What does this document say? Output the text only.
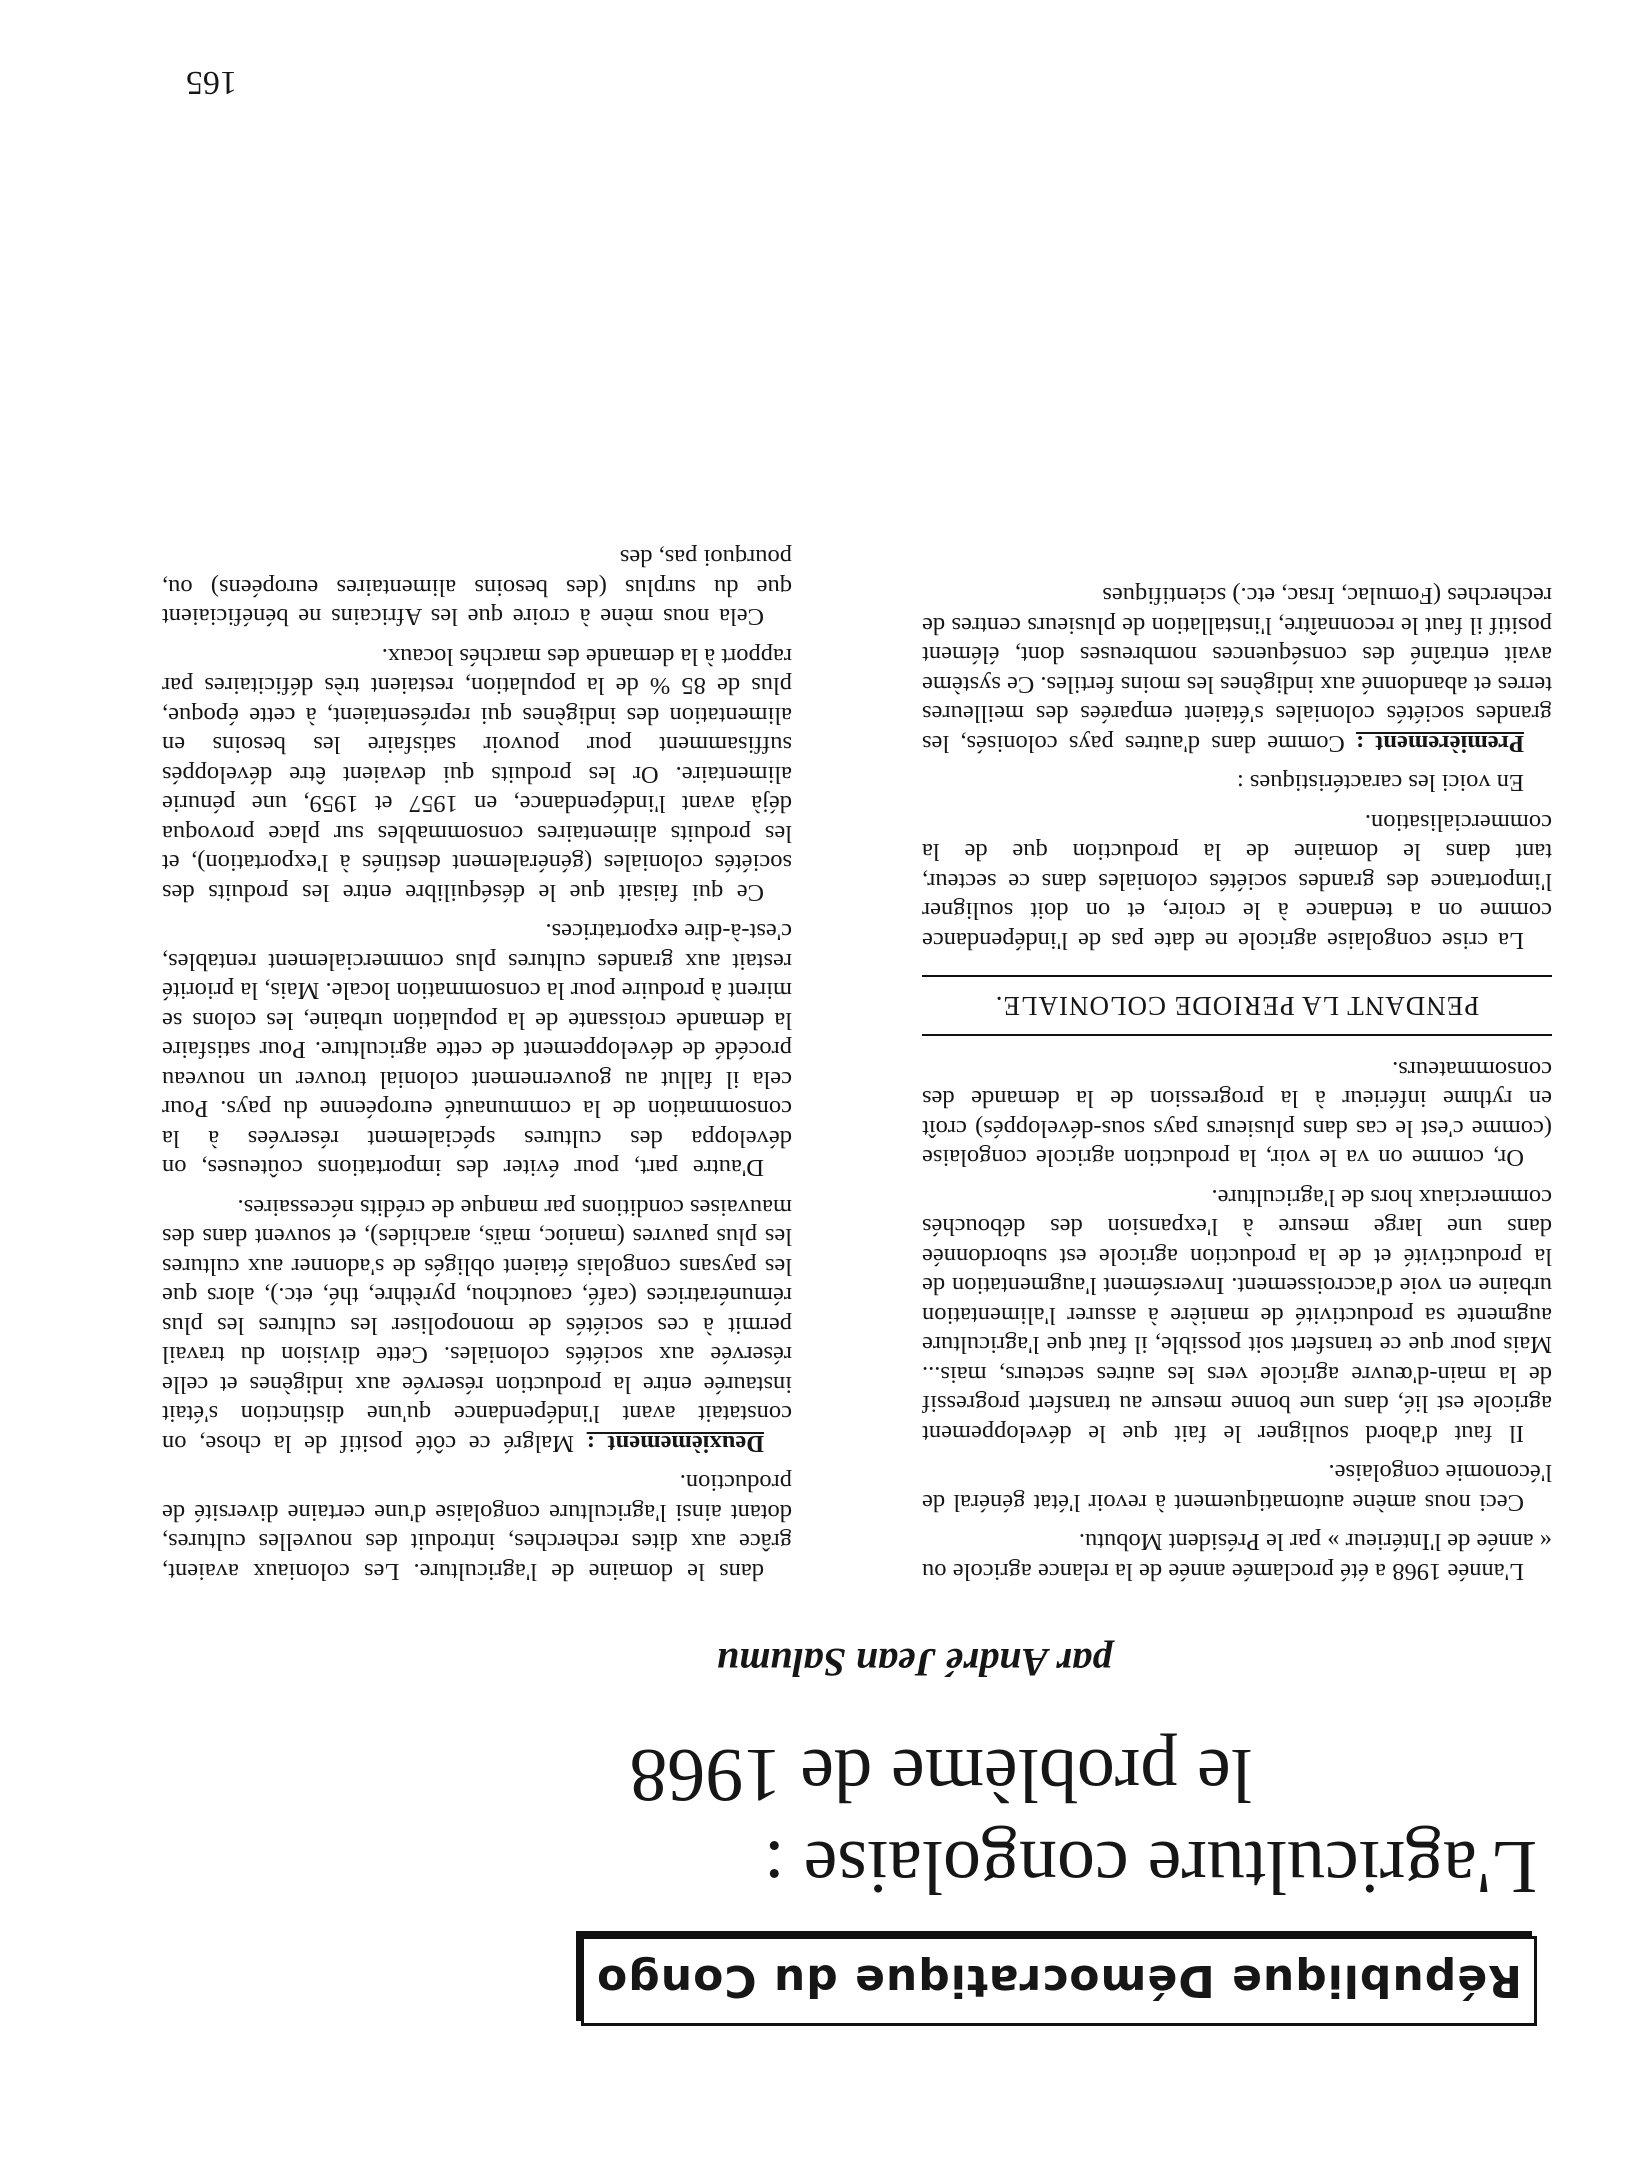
République Démocratique du Congo
L'agriculture congolaise :
le problème de 1968
par André Jean Salumu

L'année 1968 a été proclamée année de la relance agricole ou « année de l'Intérieur » par le Président Mobutu.

Ceci nous amène automatiquement à revoir l'état général de l'économie congolaise.

Il faut d'abord souligner le fait que le développement agricole est lié, dans une bonne mesure au transfert progressif de la main-d'œuvre agricole vers les autres secteurs, mais... Mais pour que ce transfert soit possible, il faut que l'agriculture augmente sa productivité de manière à assurer l'alimentation urbaine en voie d'accroissement. Inversément l'augmentation de la productivité et de la production agricole est subordonnée dans une large mesure à l'expansion des débouchés commerciaux hors de l'agriculture.

Or, comme on va le voir, la production agricole congolaise (comme c'est le cas dans plusieurs pays sous-développés) croît en rythme inférieur à la progression de la demande des consommateurs.

PENDANT LA PERIODE COLONIALE.

La crise congolaise agricole ne date pas de l'indépendance comme on a tendance à le croire, et on doit souligner l'importance des grandes sociétés coloniales dans ce secteur, tant dans le domaine de la production que de la commercialisation.

En voici les caractéristiques :

Premièrement : Comme dans d'autres pays colonisés, les grandes sociétés coloniales s'étaient emparées des meilleures terres et abandonné aux indigènes les moins fertiles. Ce système avait entraîné des conséquences nombreuses dont, élément positif il faut le reconnaître, l'installation de plusieurs centres de recherches (Fomulac, Irsac, etc.) scientifiques

dans le domaine de l'agriculture. Les coloniaux avaient, grâce aux dites recherches, introduit des nouvelles cultures, dotant ainsi l'agriculture congolaise d'une certaine diversité de production.

Deuxièmement : Malgré ce côté positif de la chose, on constatait avant l'indépendance qu'une distinction s'était instaurée entre la production réservée aux indigènes et celle réservée aux sociétés coloniales. Cette division du travail permit à ces sociétés de monopoliser les cultures les plus rémunératrices (café, caoutchou, pyrèthre, thé, etc.), alors que les paysans congolais étaient obligés de s'adonner aux cultures les plus pauvres (manioc, maïs, arachides), et souvent dans des mauvaises conditions par manque de crédits nécessaires.

D'autre part, pour éviter des importations coûteuses, on développa des cultures spécialement réservées à la consommation de la communauté européenne du pays. Pour cela il fallut au gouvernement colonial trouver un nouveau procédé de développement de cette agriculture. Pour satisfaire la demande croissante de la population urbaine, les colons se mirent à produire pour la consommation locale. Mais, la priorité restait aux grandes cultures plus commercialement rentables, c'est-à-dire exportatrices.

Ce qui faisait que le déséquilibre entre les produits des sociétés coloniales (généralement destinés à l'exportation), et les produits alimentaires consommables sur place provoqua déjà avant l'indépendance, en 1957 et 1959, une pénurie alimentaire. Or les produits qui devaient être développés suffisamment pour pouvoir satisfaire les besoins en alimentation des indigènes qui représentaient, à cette époque, plus de 85 % de la population, restaient très déficitaires par rapport à la demande des marchés locaux.

Cela nous mène à croire que les Africains ne bénéficiaient que du surplus (des besoins alimentaires européens) ou, pourquoi pas, des

165
